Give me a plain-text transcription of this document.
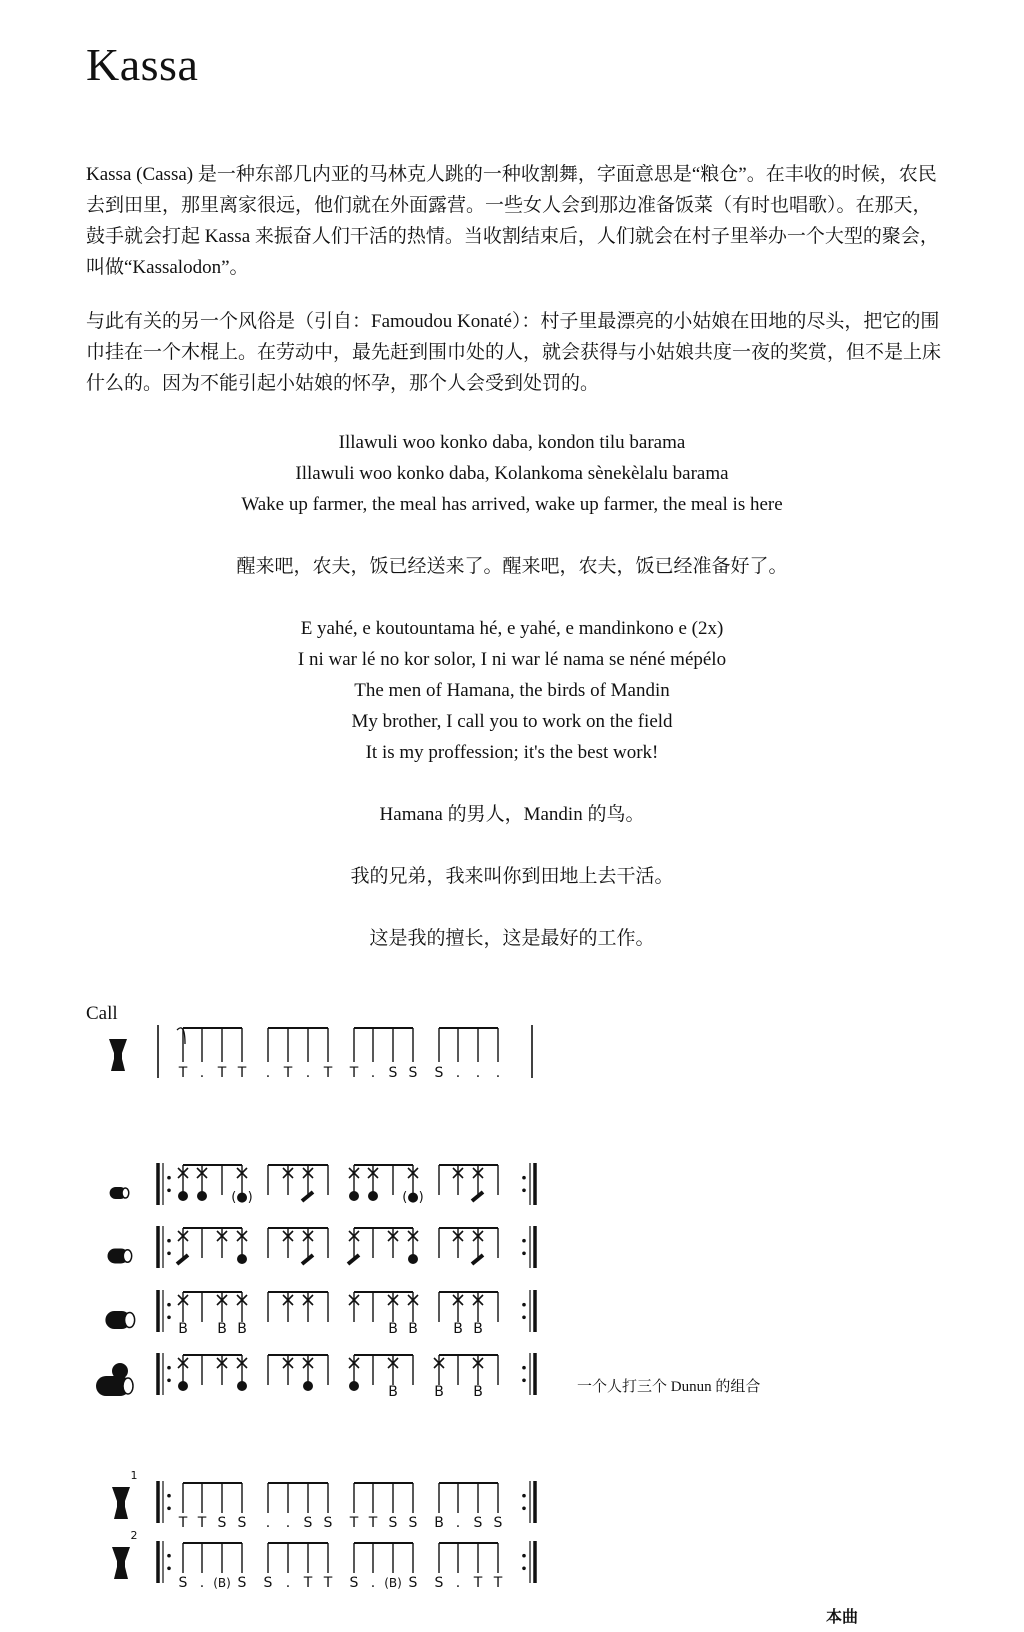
Kassa

Kassa (Cassa) 是一种东部几内亚的马林克人跳的一种收割舞，字面意思是“粮仓”。在丰收的时候，农民去到田里，那里离家很远，他们就在外面露营。一些女人会到那边准备饭菜（有时也唱歌）。在那天，鼓手就会打起 Kassa 来振奋人们干活的热情。当收割结束后，人们就会在村子里举办一个大型的聚会，叫做“Kassalodon”。

与此有关的另一个风俗是（引自：Famoudou Konaté）：村子里最漂亮的小姑娘在田地的尽头，把它的围巾挂在一个木棍上。在劳动中，最先赶到围巾处的人，就会获得与小姑娘共度一夜的奖赏，但不是上床什么的。因为不能引起小姑娘的怀孕，那个人会受到处罚的。

Illawuli woo konko daba, kondon tilu barama
Illawuli woo konko daba, Kolankoma sènekèlalu barama
Wake up farmer, the meal has arrived, wake up farmer, the meal is here
醒来吧，农夫，饭已经送来了。醒来吧，农夫，饭已经准备好了。
E yahé, e koutountama hé, e yahé, e mandinkono e (2x)
I ni war lé no kor solor, I ni war lé nama se néné mépélo
The men of Hamana, the birds of Mandin
My brother, I call you to work on the field
It is my proffession; it's the best work!
Hamana 的男人，Mandin 的鸟。
我的兄弟，我来叫你到田地上去干活。
这是我的擅长，这是最好的工作。
Call
T . T T . T . T T . S S S . . .
(●)	(●)
B B B	B B	B B
B	B B
1
T T S S . . S S T T S S B . S S
2
S . (B) S S . T T S . (B) S S . T T
一个人打三个 Dunun 的组合
本曲
